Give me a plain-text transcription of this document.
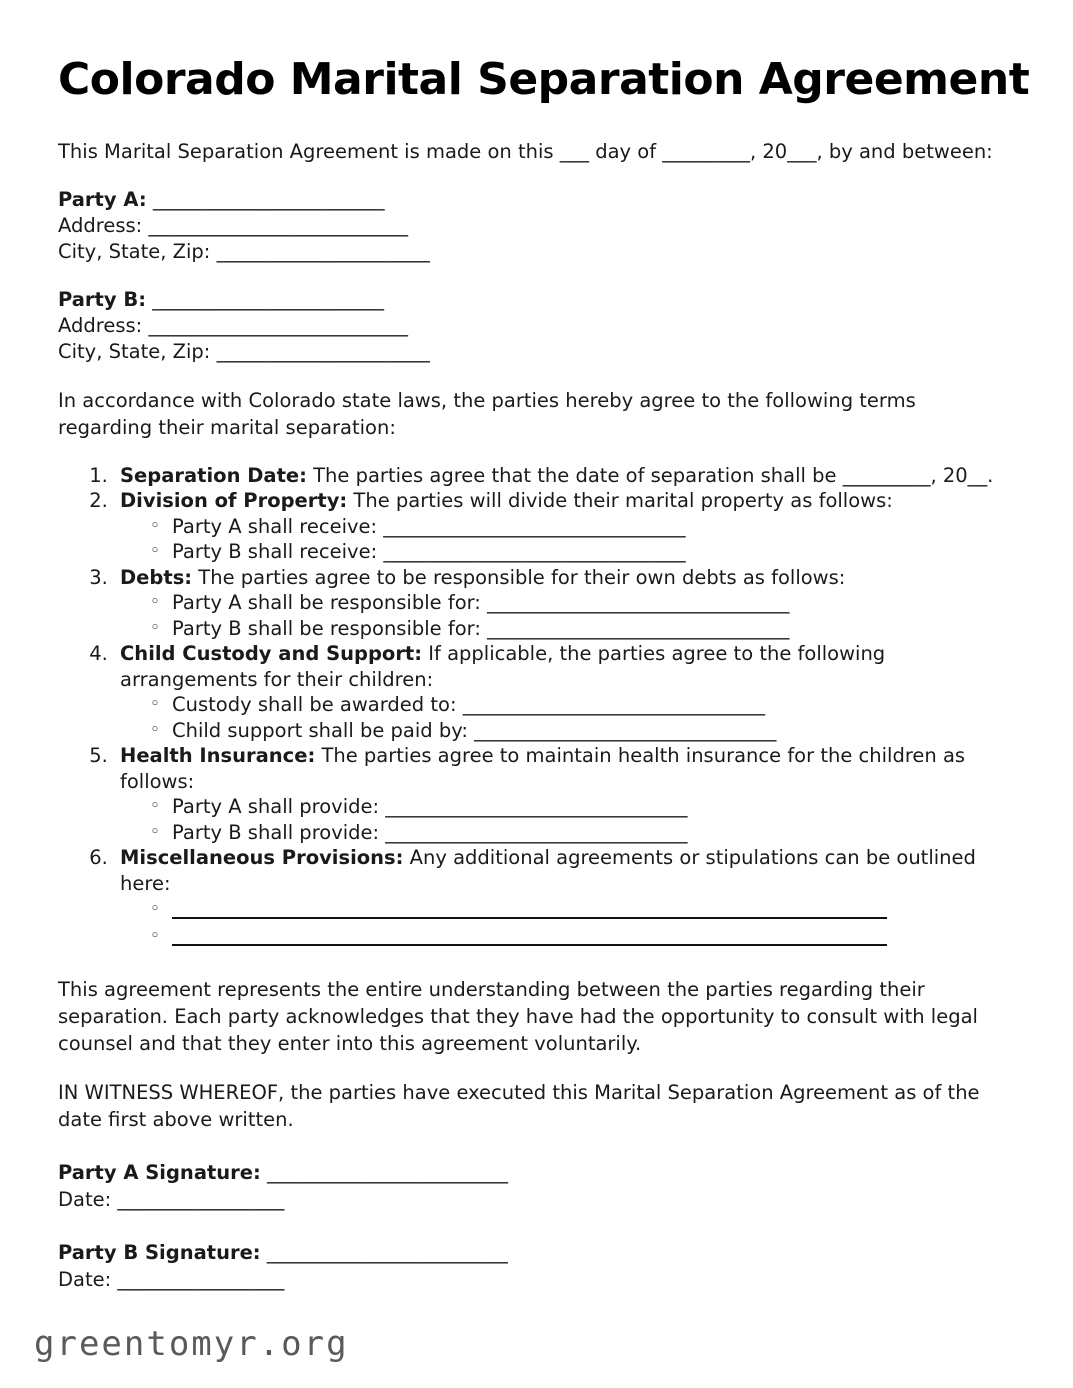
Colorado Marital Separation Agreement

This Marital Separation Agreement is made on this ___ day of _________, 20___, by and between:

Party A: _________________________
Address: ____________________________
City, State, Zip: _______________________
Party B: _________________________
Address: ____________________________
City, State, Zip: _______________________

In accordance with Colorado state laws, the parties hereby agree to the following terms regarding their marital separation:

1. Separation Date: The parties agree that the date of separation shall be _________, 20__.
2. Division of Property: The parties will divide their marital property as follows:
◦ Party A shall receive: _______________________________
◦ Party B shall receive: _______________________________
3. Debts: The parties agree to be responsible for their own debts as follows:
◦ Party A shall be responsible for: _______________________________
◦ Party B shall be responsible for: _______________________________
4. Child Custody and Support: If applicable, the parties agree to the following arrangements for their children:
◦ Custody shall be awarded to: _______________________________
◦ Child support shall be paid by: _______________________________
5. Health Insurance: The parties agree to maintain health insurance for the children as follows:
◦ Party A shall provide: _______________________________
◦ Party B shall provide: _______________________________
6. Miscellaneous Provisions: Any additional agreements or stipulations can be outlined here:
◦
◦

This agreement represents the entire understanding between the parties regarding their separation. Each party acknowledges that they have had the opportunity to consult with legal counsel and that they enter into this agreement voluntarily.

IN WITNESS WHEREOF, the parties have executed this Marital Separation Agreement as of the date first above written.

Party A Signature: __________________________
Date: __________________
Party B Signature: __________________________
Date: __________________
greentomyr.org
